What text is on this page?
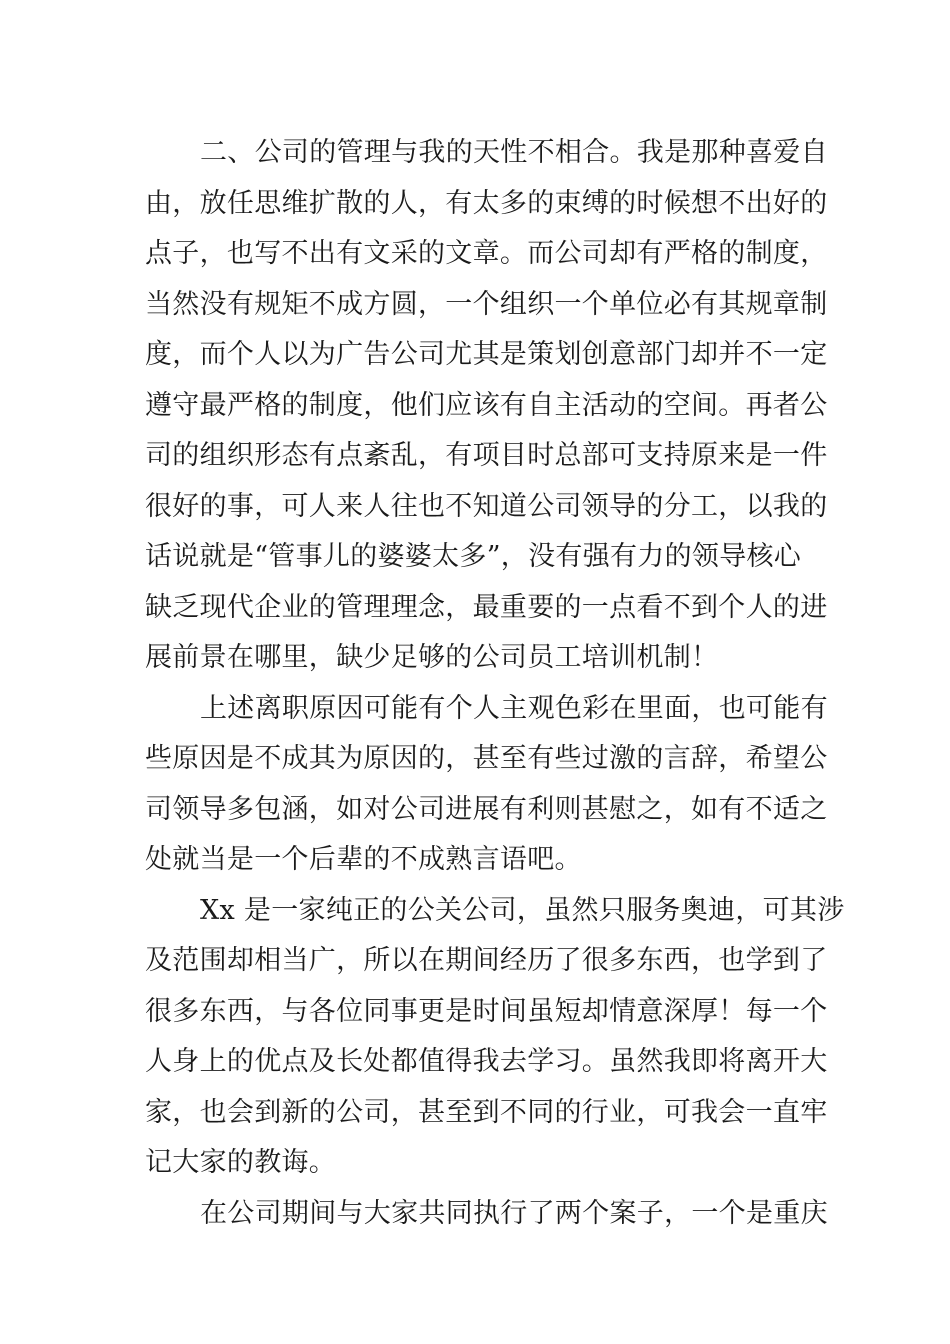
二、公司的管理与我的天性不相合。我是那种喜爱自
由，放任思维扩散的人，有太多的束缚的时候想不出好的
点子，也写不出有文采的文章。而公司却有严格的制度，
当然没有规矩不成方圆，一个组织一个单位必有其规章制
度，而个人以为广告公司尤其是策划创意部门却并不一定
遵守最严格的制度，他们应该有自主活动的空间。再者公
司的组织形态有点紊乱，有项目时总部可支持原来是一件
很好的事，可人来人往也不知道公司领导的分工，以我的
话说就是“管事儿的婆婆太多”，没有强有力的领导核心
缺乏现代企业的管理理念，最重要的一点看不到个人的进
展前景在哪里，缺少足够的公司员工培训机制！
上述离职原因可能有个人主观色彩在里面，也可能有
些原因是不成其为原因的，甚至有些过激的言辞，希望公
司领导多包涵，如对公司进展有利则甚慰之，如有不适之
处就当是一个后辈的不成熟言语吧。
Xx 是一家纯正的公关公司，虽然只服务奥迪，可其涉
及范围却相当广，所以在期间经历了很多东西，也学到了
很多东西，与各位同事更是时间虽短却情意深厚！每一个
人身上的优点及长处都值得我去学习。虽然我即将离开大
家，也会到新的公司，甚至到不同的行业，可我会一直牢
记大家的教诲。
在公司期间与大家共同执行了两个案子，一个是重庆
